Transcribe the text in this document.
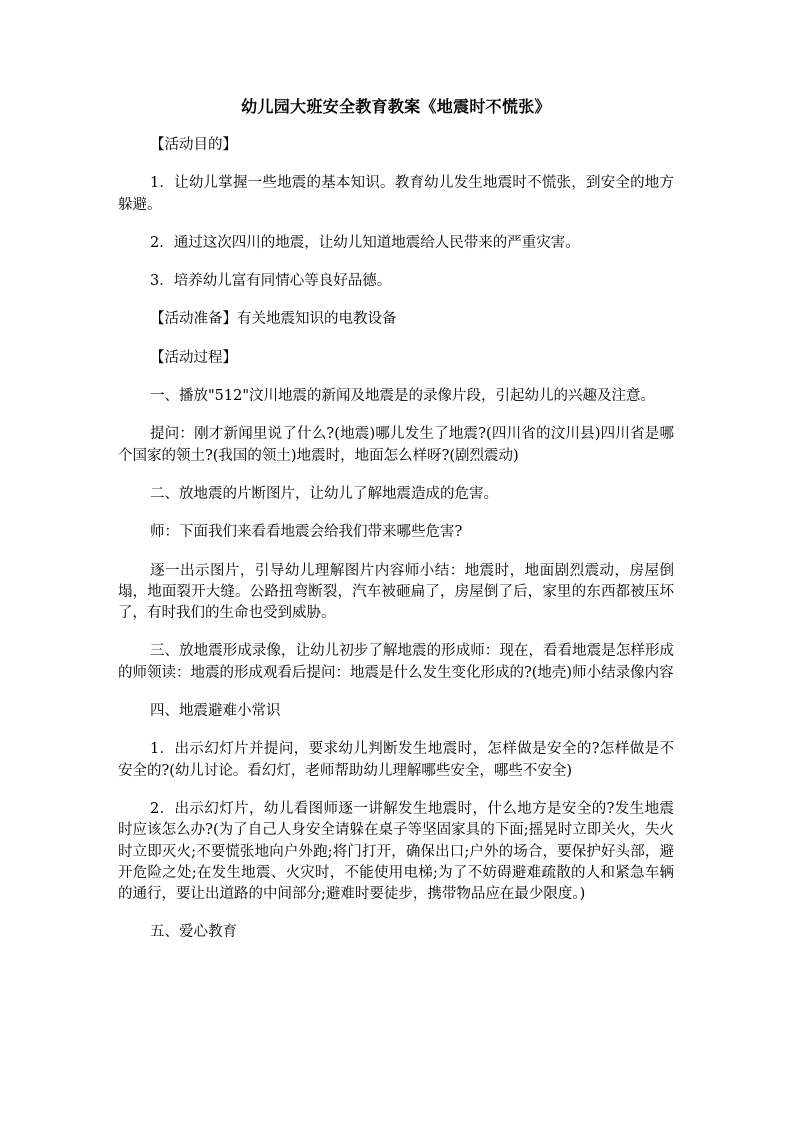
幼儿园大班安全教育教案《地震时不慌张》

【活动目的】

1．让幼儿掌握一些地震的基本知识。教育幼儿发生地震时不慌张，到安全的地方躲避。

2．通过这次四川的地震，让幼儿知道地震给人民带来的严重灾害。

3．培养幼儿富有同情心等良好品德。

【活动准备】有关地震知识的电教设备

【活动过程】

一、播放"512"汶川地震的新闻及地震是的录像片段，引起幼儿的兴趣及注意。

提问：刚才新闻里说了什么?(地震)哪儿发生了地震?(四川省的汶川县)四川省是哪个国家的领土?(我国的领土)地震时，地面怎么样呀?(剧烈震动)

二、放地震的片断图片，让幼儿了解地震造成的危害。

师：下面我们来看看地震会给我们带来哪些危害?

逐一出示图片，引导幼儿理解图片内容师小结：地震时，地面剧烈震动，房屋倒塌，地面裂开大缝。公路扭弯断裂，汽车被砸扁了，房屋倒了后，家里的东西都被压坏了，有时我们的生命也受到威胁。

三、放地震形成录像，让幼儿初步了解地震的形成师：现在，看看地震是怎样形成的师领读：地震的形成观看后提问：地震是什么发生变化形成的?(地壳)师小结录像内容

四、地震避难小常识

1．出示幻灯片并提问，要求幼儿判断发生地震时，怎样做是安全的?怎样做是不安全的?(幼儿讨论。看幻灯，老师帮助幼儿理解哪些安全，哪些不安全)

2．出示幻灯片，幼儿看图师逐一讲解发生地震时，什么地方是安全的?发生地震时应该怎么办?(为了自己人身安全请躲在桌子等坚固家具的下面;摇晃时立即关火，失火时立即灭火;不要慌张地向户外跑;将门打开，确保出口;户外的场合，要保护好头部，避开危险之处;在发生地震、火灾时，不能使用电梯;为了不妨碍避难疏散的人和紧急车辆的通行，要让出道路的中间部分;避难时要徒步，携带物品应在最少限度。)

五、爱心教育
